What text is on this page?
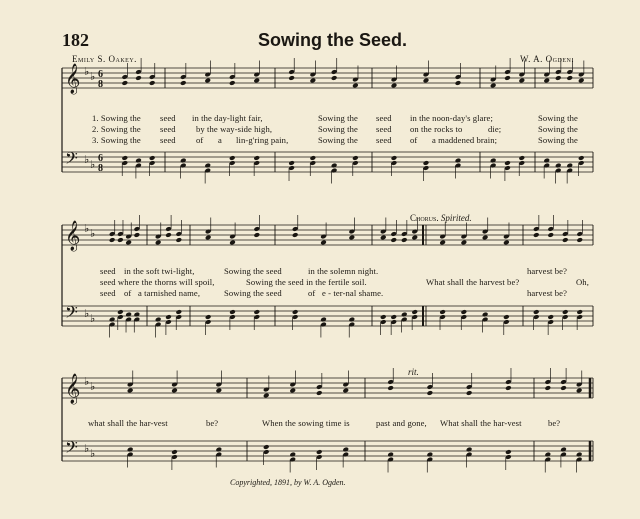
182	Sowing the Seed.
Emily S. Oakey.	W. A. Ogden.
𝄞
𝄢
♭ ♭
♭ ♭
6
8
6
8
𝄞
𝄢
♭ ♭
♭ ♭
𝄞
𝄢
♭ ♭
♭ ♭
1. Sowing the seed in the day-light fair,	Sowing the seed in the noon-day's glare;	Sowing the
2. Sowing the seed by the way-side high,	Sowing the seed on the rocks to	die;	Sowing the
3. Sowing the seed of a lin-g'ring pain,	Sowing the seed of a maddened brain;	Sowing the
Chorus. Spirited.
seed in the soft twi-light,	Sowing the seed	in the solemn night.	harvest be?
seed where the thorns will spoil,	Sowing the seed in the fertile soil.	What shall the harvest be?	Oh,
seed of a tarnished name,	Sowing the seed	of e - ter-nal shame.	harvest be?
rit.
what shall the har-vest	be?	When the sowing time is	past and gone, What shall the har-vest	be?
Copyrighted, 1891, by W. A. Ogden.
